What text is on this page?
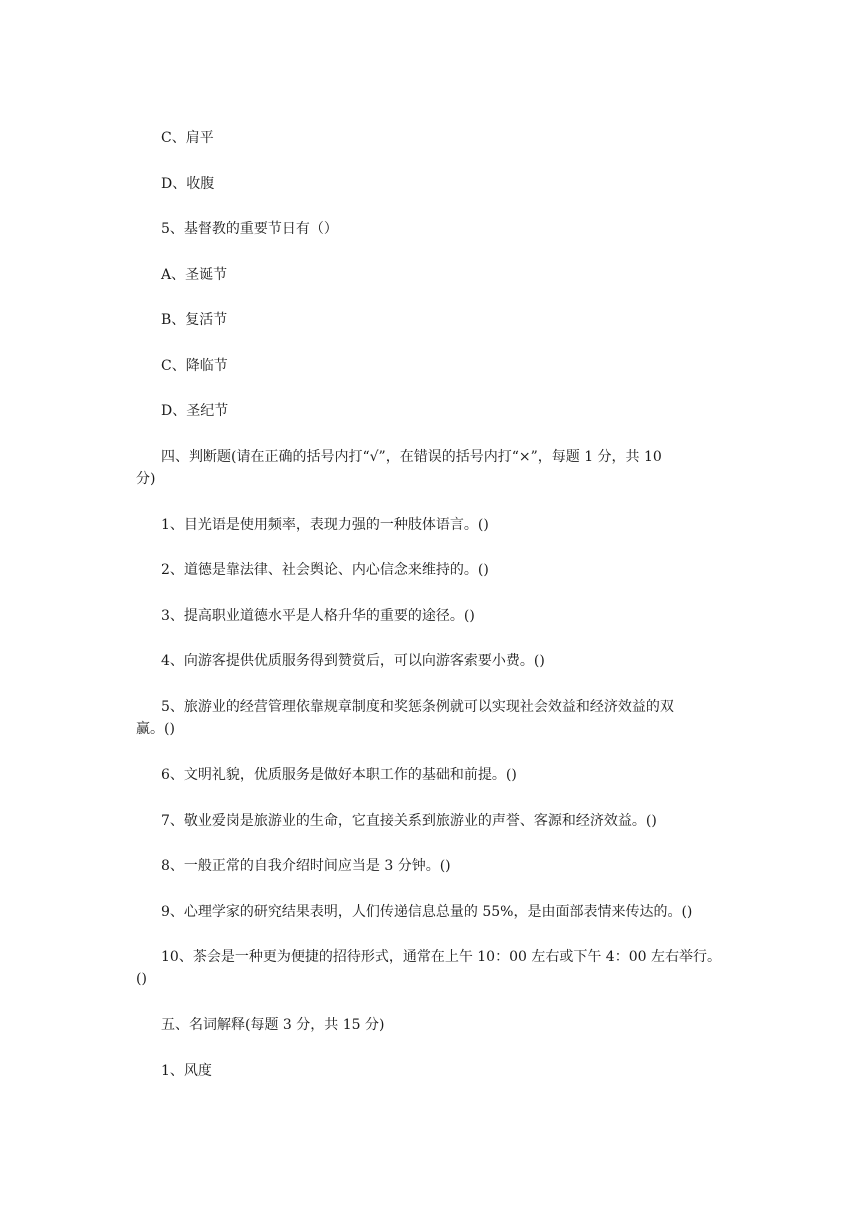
C、肩平
D、收腹
5、基督教的重要节日有（）
A、圣诞节
B、复活节
C、降临节
D、圣纪节
四、判断题(请在正确的括号内打“√”，在错误的括号内打“×”，每题 1 分，共 10
分)
1、目光语是使用频率，表现力强的一种肢体语言。()
2、道德是靠法律、社会舆论、内心信念来维持的。()
3、提高职业道德水平是人格升华的重要的途径。()
4、向游客提供优质服务得到赞赏后，可以向游客索要小费。()
5、旅游业的经营管理依靠规章制度和奖惩条例就可以实现社会效益和经济效益的双
赢。()
6、文明礼貌，优质服务是做好本职工作的基础和前提。()
7、敬业爱岗是旅游业的生命，它直接关系到旅游业的声誉、客源和经济效益。()
8、一般正常的自我介绍时间应当是 3 分钟。()
9、心理学家的研究结果表明，人们传递信息总量的 55%，是由面部表情来传达的。()
10、茶会是一种更为便捷的招待形式，通常在上午 10：00 左右或下午 4：00 左右举行。
()
五、名词解释(每题 3 分，共 15 分)
1、风度
